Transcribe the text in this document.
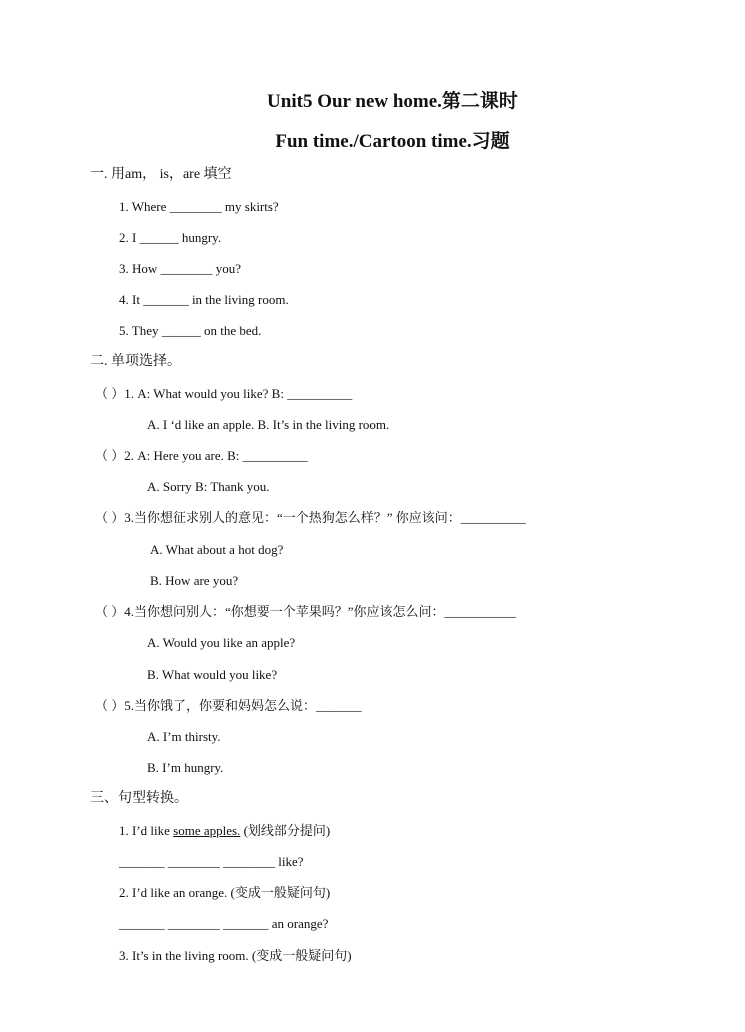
Unit5 Our new home.第二课时
Fun time./Cartoon time.习题
一. 用am， is，are 填空
1. Where ________ my skirts?
2. I ______ hungry.
3. How ________ you?
4. It _______ in the living room.
5. They ______ on the bed.
二. 单项选择。
（ ）1. A: What would you like? B: __________
A. I ‘d like an apple. B. It’s in the living room.
（ ）2. A: Here you are. B: __________
A. Sorry B: Thank you.
（ ）3.当你想征求别人的意见：“一个热狗怎么样？” 你应该问：__________
A. What about a hot dog?
B. How are you?
（ ）4.当你想问别人：“你想要一个苹果吗？”你应该怎么问：___________
A. Would you like an apple?
B. What would you like?
（ ）5.当你饿了，你要和妈妈怎么说：_______
A. I’m thirsty.
B. I’m hungry.
三、句型转换。
1. I’d like some apples. (划线部分提问)
_______ ________ ________ like?
2. I’d like an orange. (变成一般疑问句)
_______ ________ _______ an orange?
3. It’s in the living room. (变成一般疑问句)
